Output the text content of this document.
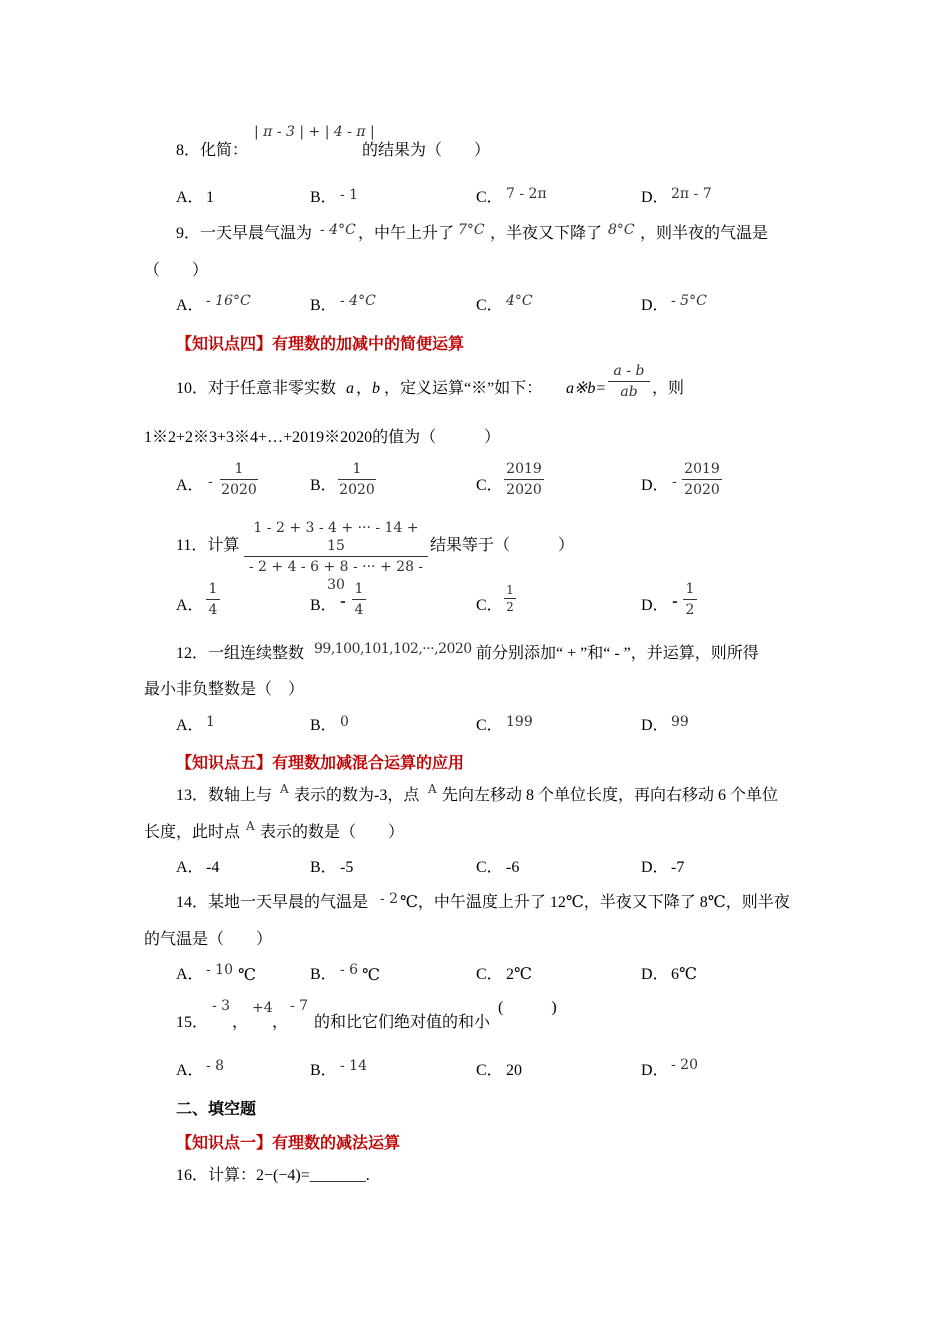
8．化简：
| π - 3 | + | 4 - π |
的结果为（　　）
A． 1	B． - 1	C． 7 - 2π	D． 2π - 7
9．一天早晨气温为 - 4°C ，中午上升了 7°C ，半夜又下降了 8°C ，则半夜的气温是
（　　）
A． - 16°C	B． - 4°C	C． 4°C	D． - 5°C
【知识点四】有理数的加减中的简便运算
10．对于任意非零实数 a ， b ，定义运算“※”如下： a※b=
a - b
ab ，则
1※2+2※3+3※4+…+2019※2020的值为（　　　）
A． -
1
2020	B．
1
2020	C．
2019
2020	D． -
2019
2020
11．计算
1 - 2 + 3 - 4 + ··· - 14 + 15
- 2 + 4 - 6 + 8 - ··· + 28 - 30
结果等于（　　　）
A．
1
4	B． -
1
4	C．
1
2	D． -
1
2
12．一组连续整数 99,100,101,102,···,2020 前分别添加“ + ”和“ - ”，并运算，则所得
最小非负整数是（　）
A． 1	B． 0	C． 199	D． 99
【知识点五】有理数加减混合运算的应用
13．数轴上与 A 表示的数为-3，点 A 先向左移动 8 个单位长度，再向右移动 6 个单位
长度，此时点 A 表示的数是（　　）
A． -4	B． -5	C． -6	D． -7
14．某地一天早晨的气温是 - 2 ℃，中午温度上升了 12℃，半夜又下降了 8℃，则半夜
的气温是（　　）
A． - 10 ℃	B． - 6 ℃	C． 2℃	D． 6℃
15．
- 3
，
+4
，
- 7
的和比它们绝对值的和小
(　　　)
A． - 8	B． - 14	C． 20	D． - 20
二、填空题
【知识点一】有理数的减法运算
16．计算：2−(−4)=_______.
